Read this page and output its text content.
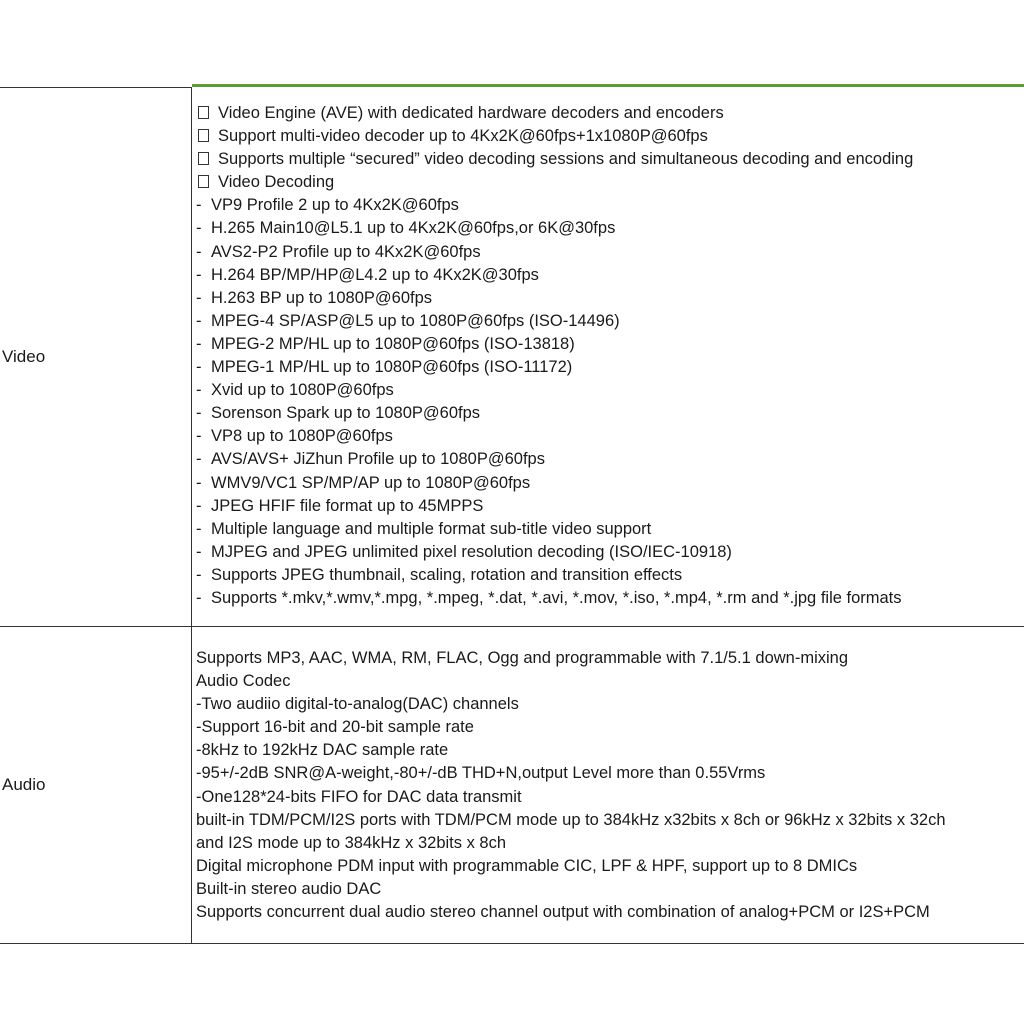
Video
Video Engine (AVE) with dedicated hardware decoders and encoders
Support multi-video decoder up to 4Kx2K@60fps+1x1080P@60fps
Supports multiple “secured” video decoding sessions and simultaneous decoding and encoding
Video Decoding
- VP9 Profile 2 up to 4Kx2K@60fps
- H.265 Main10@L5.1 up to 4Kx2K@60fps,or 6K@30fps
- AVS2-P2 Profile up to 4Kx2K@60fps
- H.264 BP/MP/HP@L4.2 up to 4Kx2K@30fps
- H.263 BP up to 1080P@60fps
- MPEG-4 SP/ASP@L5 up to 1080P@60fps (ISO-14496)
- MPEG-2 MP/HL up to 1080P@60fps (ISO-13818)
- MPEG-1 MP/HL up to 1080P@60fps (ISO-11172)
- Xvid up to 1080P@60fps
- Sorenson Spark up to 1080P@60fps
- VP8 up to 1080P@60fps
- AVS/AVS+ JiZhun Profile up to 1080P@60fps
- WMV9/VC1 SP/MP/AP up to 1080P@60fps
- JPEG HFIF file format up to 45MPPS
- Multiple language and multiple format sub-title video support
- MJPEG and JPEG unlimited pixel resolution decoding (ISO/IEC-10918)
- Supports JPEG thumbnail, scaling, rotation and transition effects
- Supports *.mkv,*.wmv,*.mpg, *.mpeg, *.dat, *.avi, *.mov, *.iso, *.mp4, *.rm and *.jpg file formats
Audio
Supports MP3, AAC, WMA, RM, FLAC, Ogg and programmable with 7.1/5.1 down-mixing
Audio Codec
-Two audiio digital-to-analog(DAC) channels
-Support 16-bit and 20-bit sample rate
-8kHz to 192kHz DAC sample rate
-95+/-2dB SNR@A-weight,-80+/-dB THD+N,output Level more than 0.55Vrms
-One128*24-bits FIFO for DAC data transmit
built-in TDM/PCM/I2S ports with TDM/PCM mode up to 384kHz x32bits x 8ch or 96kHz x 32bits x 32ch
and I2S mode up to 384kHz x 32bits x 8ch
Digital microphone PDM input with programmable CIC, LPF & HPF, support up to 8 DMICs
Built-in stereo audio DAC
Supports concurrent dual audio stereo channel output with combination of analog+PCM or I2S+PCM
